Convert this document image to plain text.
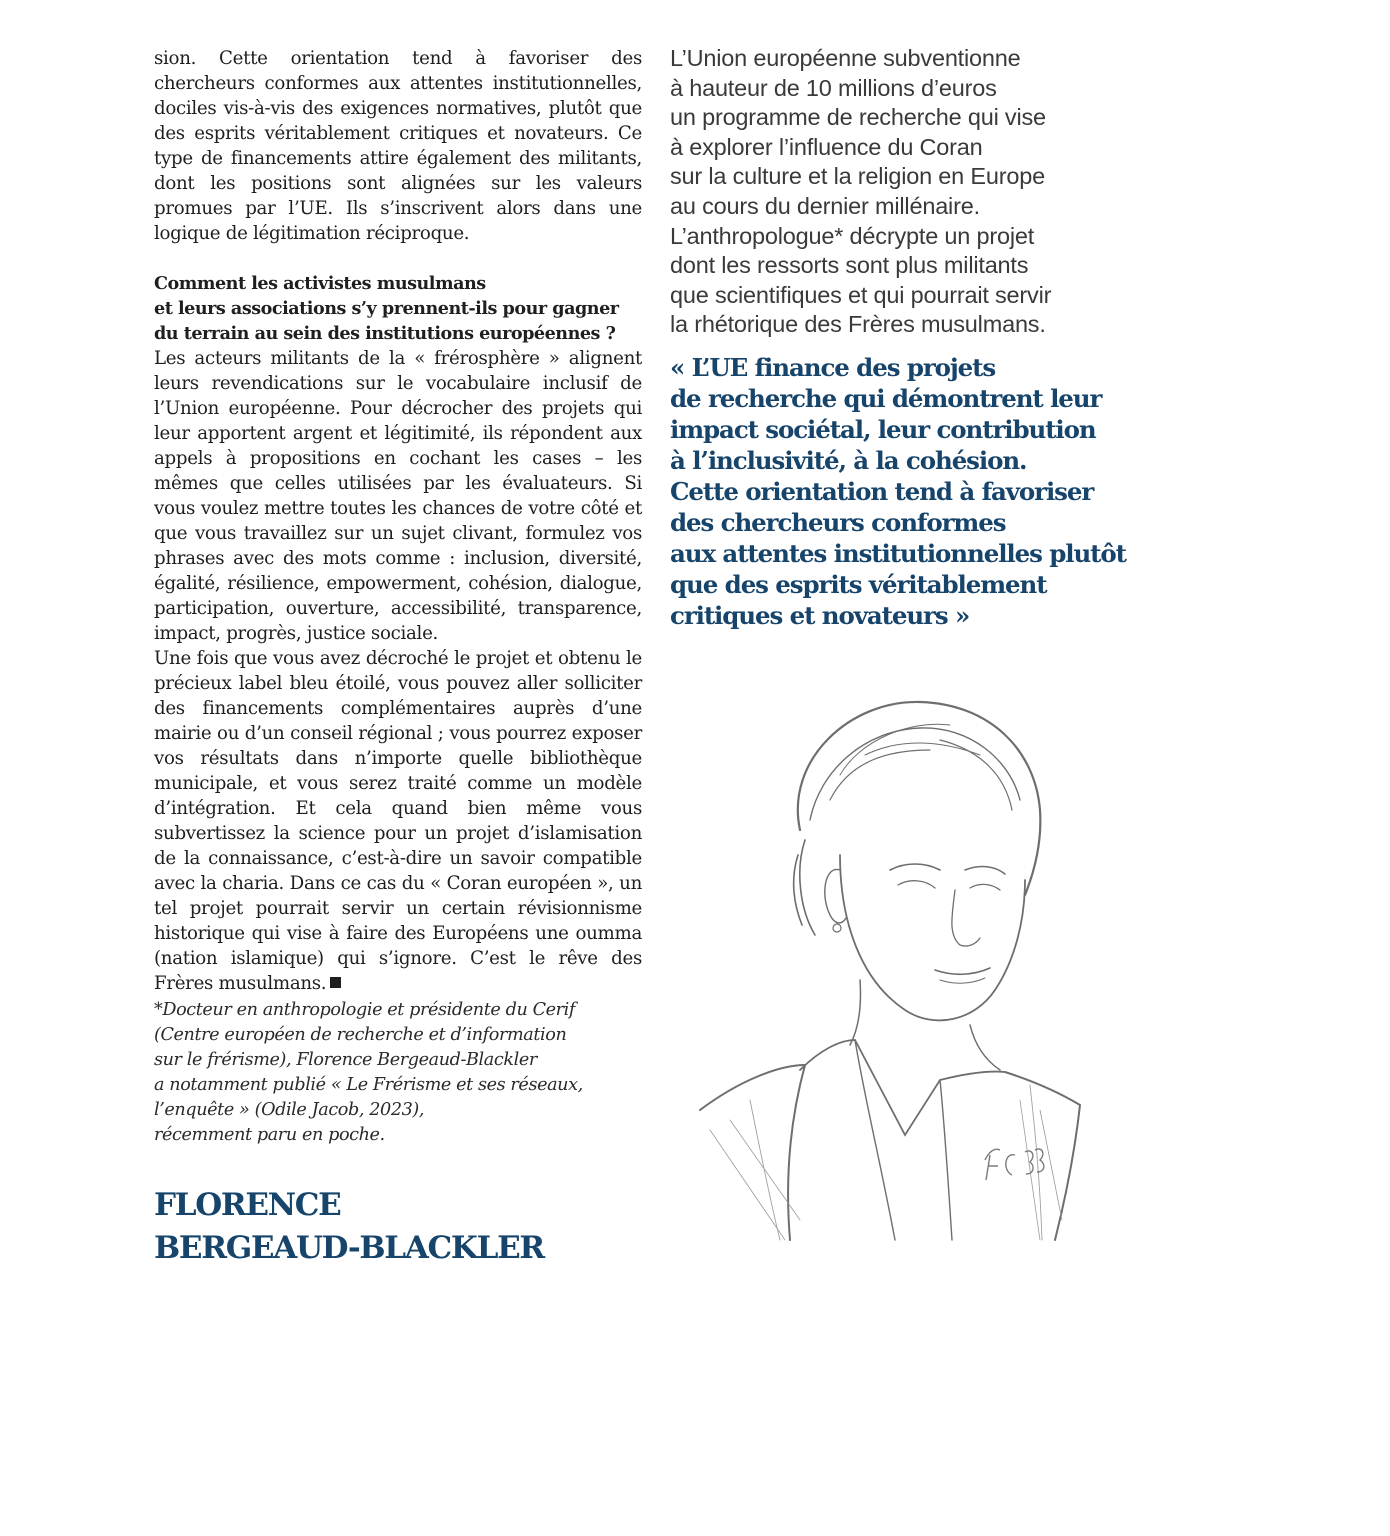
sion. Cette orientation tend à favoriser des chercheurs conformes aux attentes institutionnelles, dociles vis-à-vis des exigences normatives, plutôt que des esprits véritablement critiques et novateurs. Ce type de financements attire également des militants, dont les positions sont alignées sur les valeurs promues par l’UE. Ils s’inscrivent alors dans une logique de légitimation réciproque.

Comment les activistes musulmans
et leurs associations s’y prennent-ils pour gagner
du terrain au sein des institutions européennes ?

Les acteurs militants de la « frérosphère » alignent leurs revendications sur le vocabulaire inclusif de l’Union européenne. Pour décrocher des projets qui leur apportent argent et légitimité, ils répondent aux appels à propositions en cochant les cases – les mêmes que celles utilisées par les évaluateurs. Si vous voulez mettre toutes les chances de votre côté et que vous travaillez sur un sujet clivant, formulez vos phrases avec des mots comme : inclusion, diversité, égalité, résilience, empowerment, cohésion, dialogue, participation, ouverture, accessibilité, transparence, impact, progrès, justice sociale.

Une fois que vous avez décroché le projet et obtenu le précieux label bleu étoilé, vous pouvez aller solliciter des financements complémentaires auprès d’une mairie ou d’un conseil régional ; vous pourrez exposer vos résultats dans n’importe quelle bibliothèque municipale, et vous serez traité comme un modèle d’intégration. Et cela quand bien même vous subvertissez la science pour un projet d’islamisation de la connaissance, c’est-à-dire un savoir compatible avec la charia. Dans ce cas du « Coran européen », un tel projet pourrait servir un certain révisionnisme historique qui vise à faire des Européens une oumma (nation islamique) qui s’ignore. C’est le rêve des Frères musulmans.

*Docteur en anthropologie et présidente du Cerif
(Centre européen de recherche et d’information
sur le frérisme), Florence Bergeaud-Blackler
a notamment publié « Le Frérisme et ses réseaux,
l’enquête » (Odile Jacob, 2023),
récemment paru en poche.
FLORENCE
BERGEAUD-BLACKLER
L’Union européenne subventionne
à hauteur de 10 millions d’euros
un programme de recherche qui vise
à explorer l’influence du Coran
sur la culture et la religion en Europe
au cours du dernier millénaire.
L’anthropologue* décrypte un projet
dont les ressorts sont plus militants
que scientifiques et qui pourrait servir
la rhétorique des Frères musulmans.
« L’UE finance des projets
de recherche qui démontrent leur
impact sociétal, leur contribution
à l’inclusivité, à la cohésion.
Cette orientation tend à favoriser
des chercheurs conformes
aux attentes institutionnelles plutôt
que des esprits véritablement
critiques et novateurs »
